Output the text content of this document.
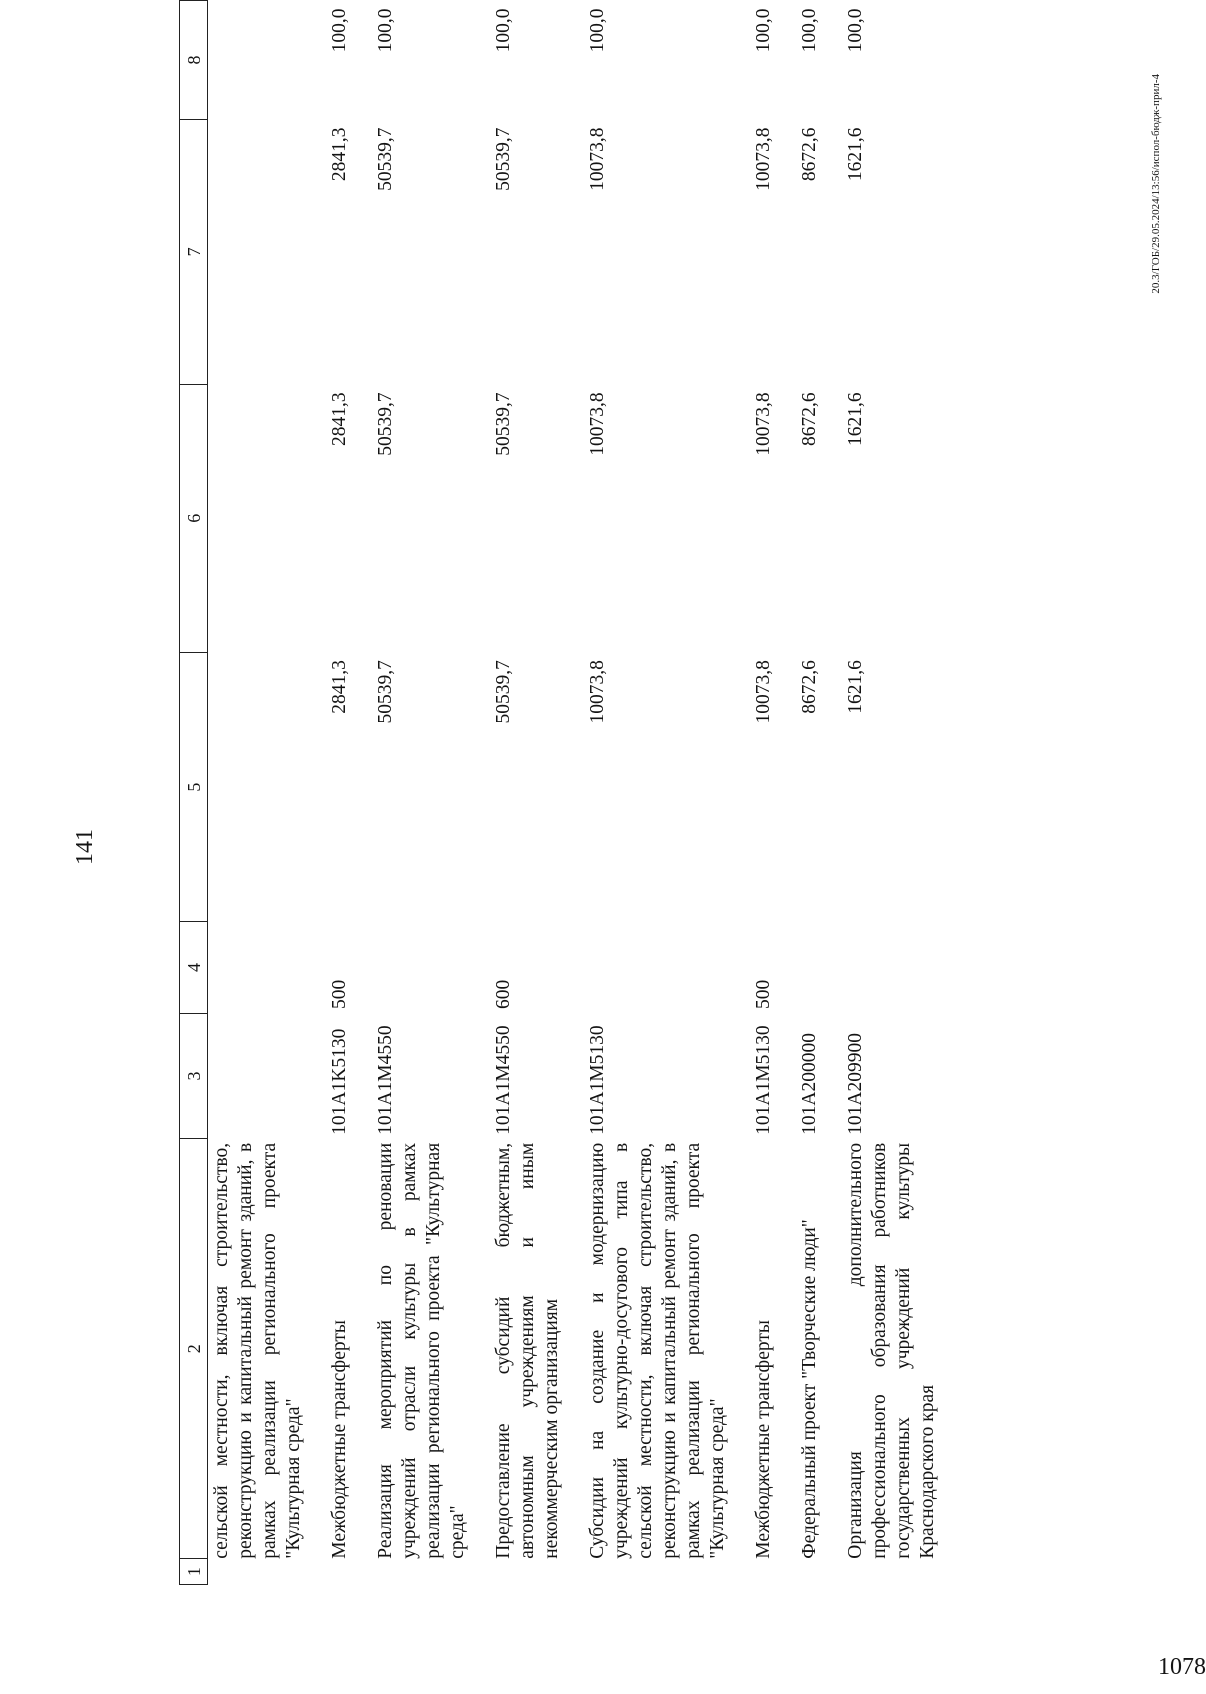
141
1	2	3	4	5	6	7	8
	сельской местности, включая строительство, реконструкцию и капитальный ремонт зданий, в рамках реализации регионального проекта "Культурная среда"						
	Межбюджетные трансферты	101A1K5130	500	2841,3	2841,3	2841,3	100,0
	Реализация мероприятий по реновации учреждений отрасли культуры в рамках реализации регионального проекта "Культурная среда"	101A1M4550		50539,7	50539,7	50539,7	100,0
	Предоставление субсидий бюджетным, автономным учреждениям и иным некоммерческим организациям	101A1M4550	600	50539,7	50539,7	50539,7	100,0
	Субсидии на создание и модернизацию учреждений культурно-досугового типа в сельской местности, включая строительство, реконструкцию и капитальный ремонт зданий, в рамках реализации регионального проекта "Культурная среда"	101A1M5130		10073,8	10073,8	10073,8	100,0
	Межбюджетные трансферты	101A1M5130	500	10073,8	10073,8	10073,8	100,0
	Федеральный проект "Творческие люди"	101A200000		8672,6	8672,6	8672,6	100,0
	Организация дополнительного профессионального образования работников государственных учреждений культуры Краснодарского края	101A209900		1621,6	1621,6	1621,6	100,0

20.3/ГОБ/29.05.2024/13:56/испол-бюдж-прил-4

1078
